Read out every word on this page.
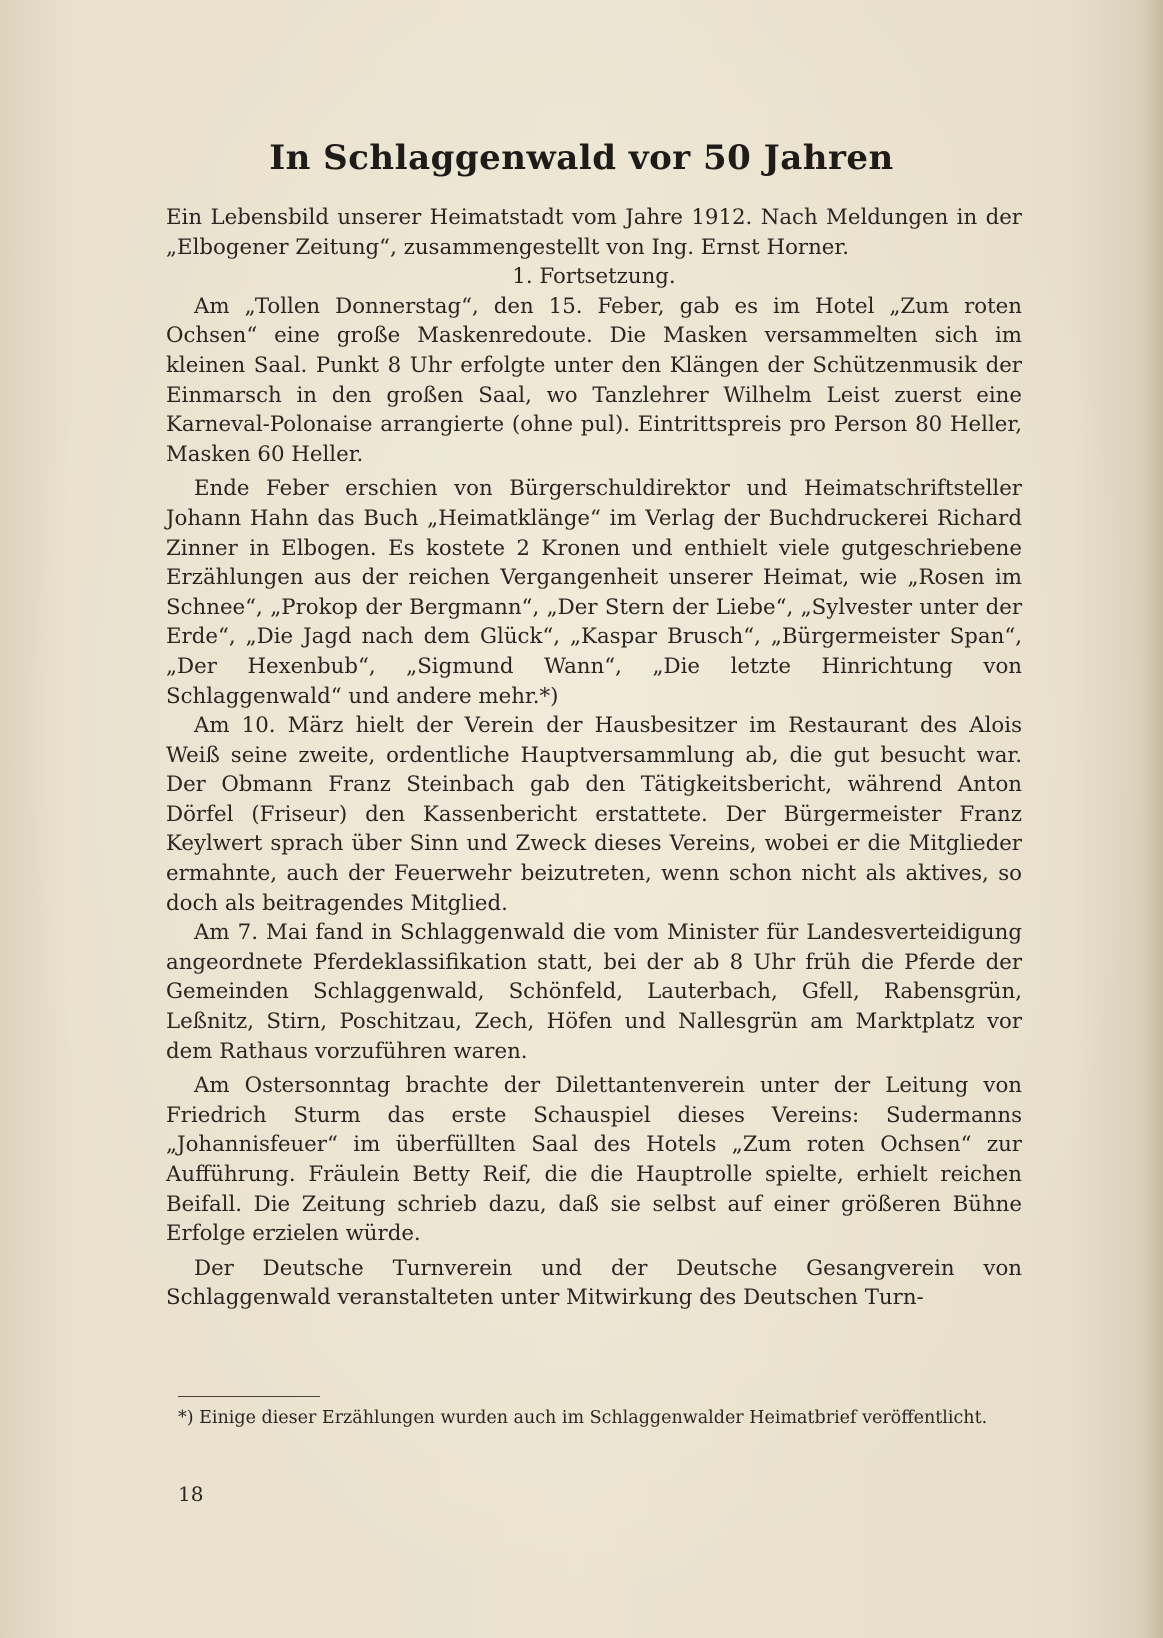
In Schlaggenwald vor 50 Jahren

Ein Lebensbild unserer Heimatstadt vom Jahre 1912. Nach Meldungen in der „Elbogener Zeitung“, zusammengestellt von Ing. Ernst Horner.

1. Fortsetzung.

Am „Tollen Donnerstag“, den 15. Feber, gab es im Hotel „Zum roten Ochsen“ eine große Maskenredoute. Die Masken versammelten sich im kleinen Saal. Punkt 8 Uhr erfolgte unter den Klängen der Schützenmusik der Einmarsch in den großen Saal, wo Tanzlehrer Wilhelm Leist zuerst eine Karneval-Polonaise arrangierte (ohne pul). Eintrittspreis pro Person 80 Heller, Masken 60 Heller.

Ende Feber erschien von Bürgerschuldirektor und Heimatschriftsteller Johann Hahn das Buch „Heimatklänge“ im Verlag der Buchdruckerei Richard Zinner in Elbogen. Es kostete 2 Kronen und enthielt viele gutgeschriebene Erzählungen aus der reichen Vergangenheit unserer Heimat, wie „Rosen im Schnee“, „Prokop der Bergmann“, „Der Stern der Liebe“, „Sylvester unter der Erde“, „Die Jagd nach dem Glück“, „Kaspar Brusch“, „Bürgermeister Span“, „Der Hexenbub“, „Sigmund Wann“, „Die letzte Hinrichtung von Schlaggenwald“ und andere mehr.*)

Am 10. März hielt der Verein der Hausbesitzer im Restaurant des Alois Weiß seine zweite, ordentliche Hauptversammlung ab, die gut besucht war. Der Obmann Franz Steinbach gab den Tätigkeitsbericht, während Anton Dörfel (Friseur) den Kassenbericht erstattete. Der Bürgermeister Franz Keylwert sprach über Sinn und Zweck dieses Vereins, wobei er die Mitglieder ermahnte, auch der Feuerwehr beizutreten, wenn schon nicht als aktives, so doch als beitragendes Mitglied.

Am 7. Mai fand in Schlaggenwald die vom Minister für Landesverteidigung angeordnete Pferdeklassifikation statt, bei der ab 8 Uhr früh die Pferde der Gemeinden Schlaggenwald, Schönfeld, Lauterbach, Gfell, Rabensgrün, Leßnitz, Stirn, Poschitzau, Zech, Höfen und Nallesgrün am Marktplatz vor dem Rathaus vorzuführen waren.

Am Ostersonntag brachte der Dilettantenverein unter der Leitung von Friedrich Sturm das erste Schauspiel dieses Vereins: Sudermanns „Johannisfeuer“ im überfüllten Saal des Hotels „Zum roten Ochsen“ zur Aufführung. Fräulein Betty Reif, die die Hauptrolle spielte, erhielt reichen Beifall. Die Zeitung schrieb dazu, daß sie selbst auf einer größeren Bühne Erfolge erzielen würde.

Der Deutsche Turnverein und der Deutsche Gesangverein von Schlaggenwald veranstalteten unter Mitwirkung des Deutschen Turn-

*) Einige dieser Erzählungen wurden auch im Schlaggenwalder Heimatbrief veröffentlicht.
18
